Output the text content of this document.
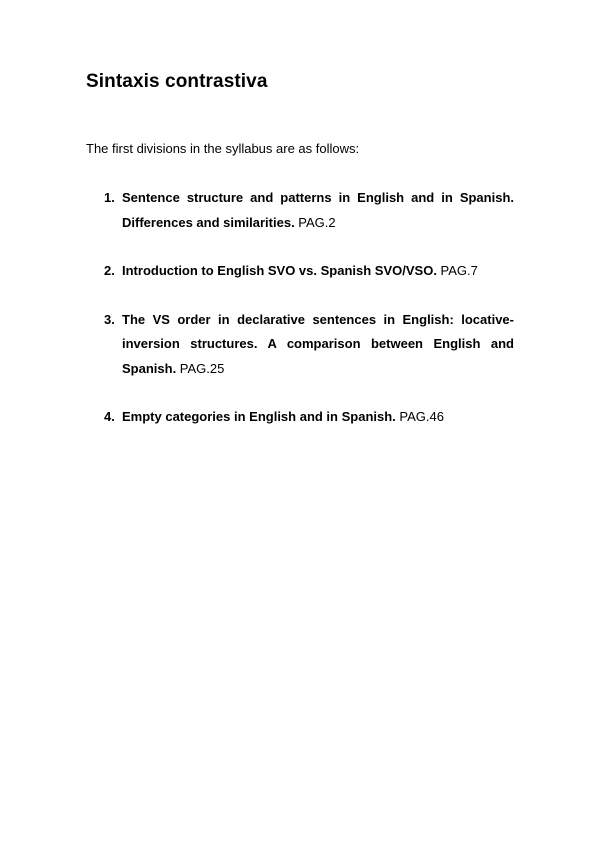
Sintaxis contrastiva

The first divisions in the syllabus are as follows:

1. Sentence structure and patterns in English and in Spanish. Differences and similarities. PAG.2
2. Introduction to English SVO vs. Spanish SVO/VSO. PAG.7
3. The VS order in declarative sentences in English: locative-inversion structures. A comparison between English and Spanish. PAG.25
4. Empty categories in English and in Spanish. PAG.46
